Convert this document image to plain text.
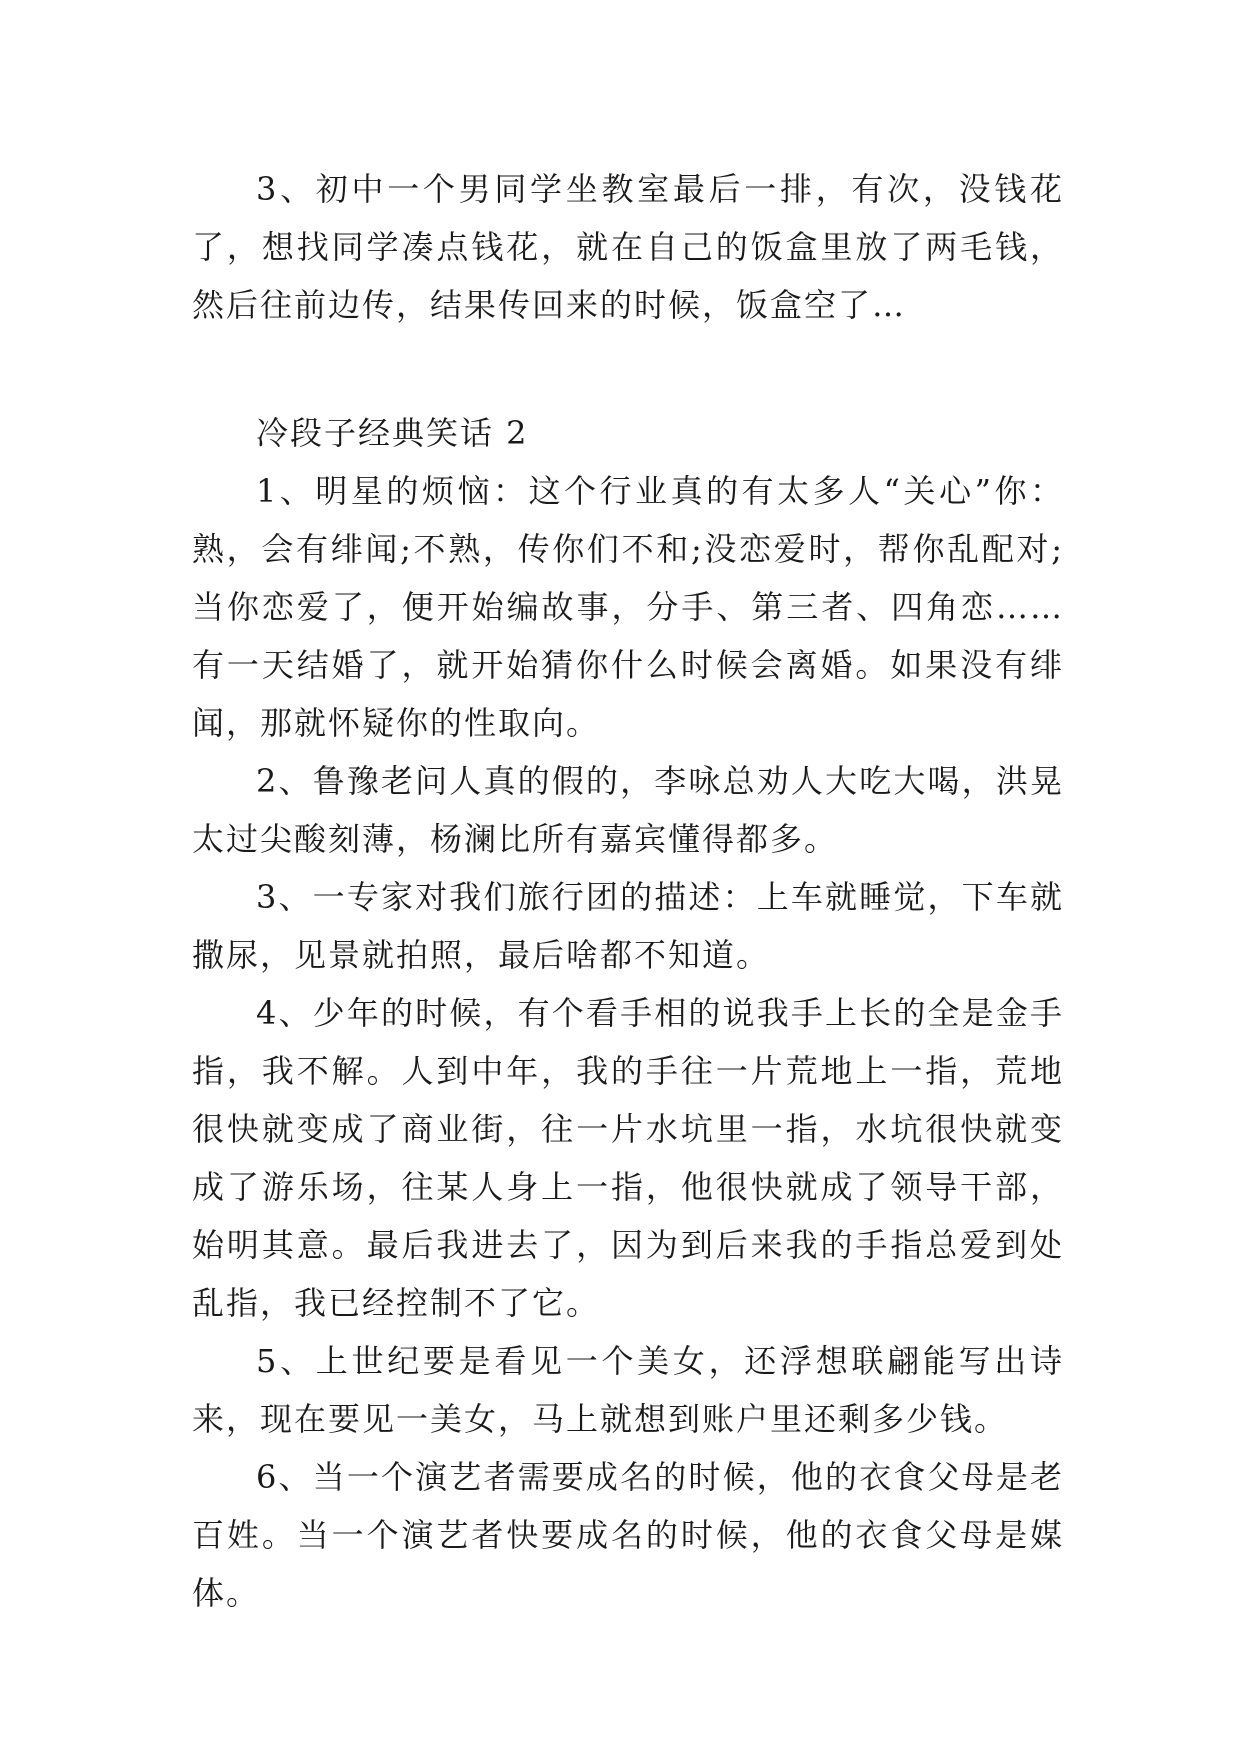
3、初中一个男同学坐教室最后一排，有次，没钱花了，想找同学凑点钱花，就在自己的饭盒里放了两毛钱，然后往前边传，结果传回来的时候，饭盒空了…

冷段子经典笑话 2

1、明星的烦恼：这个行业真的有太多人“关心”你：熟，会有绯闻;不熟，传你们不和;没恋爱时，帮你乱配对;当你恋爱了，便开始编故事，分手、第三者、四角恋……有一天结婚了，就开始猜你什么时候会离婚。如果没有绯闻，那就怀疑你的性取向。

2、鲁豫老问人真的假的，李咏总劝人大吃大喝，洪晃太过尖酸刻薄，杨澜比所有嘉宾懂得都多。

3、一专家对我们旅行团的描述：上车就睡觉，下车就撒尿，见景就拍照，最后啥都不知道。

4、少年的时候，有个看手相的说我手上长的全是金手指，我不解。人到中年，我的手往一片荒地上一指，荒地很快就变成了商业街，往一片水坑里一指，水坑很快就变成了游乐场，往某人身上一指，他很快就成了领导干部，始明其意。最后我进去了，因为到后来我的手指总爱到处乱指，我已经控制不了它。

5、上世纪要是看见一个美女，还浮想联翩能写出诗来，现在要见一美女，马上就想到账户里还剩多少钱。

6、当一个演艺者需要成名的时候，他的衣食父母是老百姓。当一个演艺者快要成名的时候，他的衣食父母是媒体。
